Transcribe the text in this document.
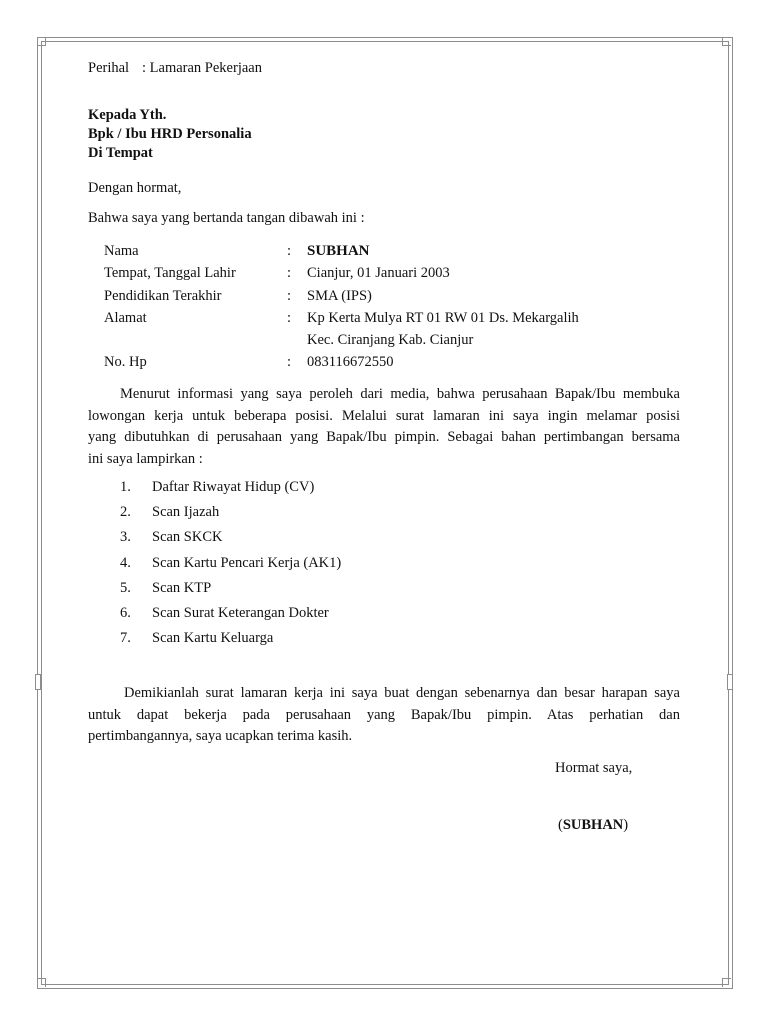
Perihal : Lamaran Pekerjaan
Kepada Yth.
Bpk / Ibu HRD Personalia
Di Tempat
Dengan hormat,
Bahwa saya yang bertanda tangan dibawah ini :
Nama	: SUBHAN
Tempat, Tanggal Lahir	: Cianjur, 01 Januari 2003
Pendidikan Terakhir	: SMA (IPS)
Alamat	: Kp Kerta Mulya RT 01 RW 01 Ds. Mekargalih
Kec. Ciranjang Kab. Cianjur
No. Hp	: 083116672550
Menurut informasi yang saya peroleh dari media, bahwa perusahaan Bapak/Ibu membuka
lowongan kerja untuk beberapa posisi. Melalui surat lamaran ini saya ingin melamar posisi
yang dibutuhkan di perusahaan yang Bapak/Ibu pimpin. Sebagai bahan pertimbangan bersama
ini saya lampirkan :
1. Daftar Riwayat Hidup (CV)
2. Scan Ijazah
3. Scan SKCK
4. Scan Kartu Pencari Kerja (AK1)
5. Scan KTP
6. Scan Surat Keterangan Dokter
7. Scan Kartu Keluarga
Demikianlah surat lamaran kerja ini saya buat dengan sebenarnya dan besar harapan saya
untuk dapat bekerja pada perusahaan yang Bapak/Ibu pimpin. Atas perhatian dan
pertimbangannya, saya ucapkan terima kasih.
Hormat saya,
(SUBHAN)
